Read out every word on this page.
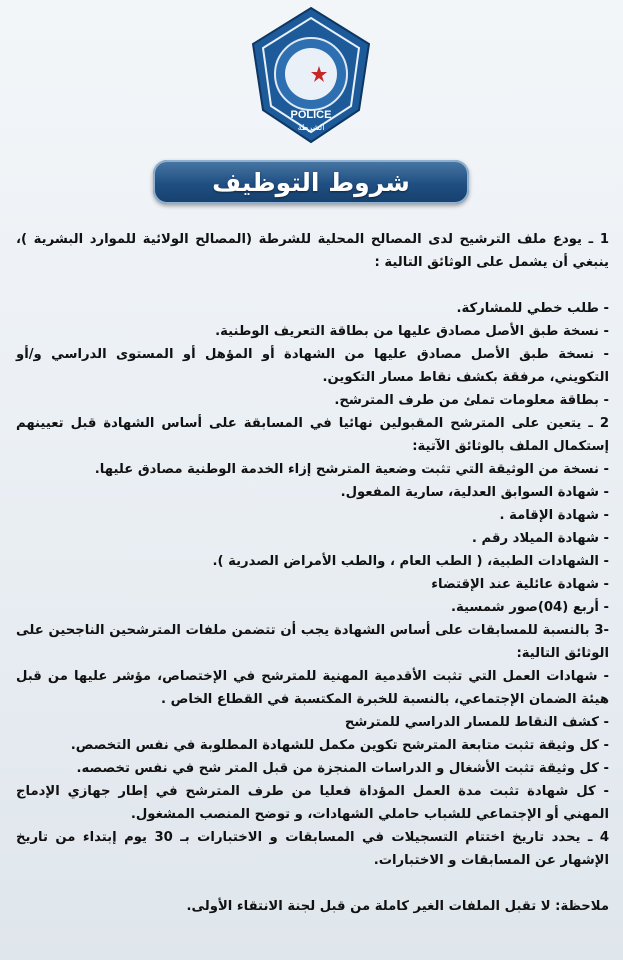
POLICE
الشرطة
شروط التوظيف

1 ـ يودع ملف الترشيح لدى المصالح المحلية للشرطة (المصالح الولائية للموارد البشرية )، ينبغي أن يشمل على الوثائق التالية :

- طلب خطي للمشاركة.

- نسخة طبق الأصل مصادق عليها من بطاقة التعريف الوطنية.

- نسخة طبق الأصل مصادق عليها من الشهادة أو المؤهل أو المستوى الدراسي و/أو التكويني، مرفقة بكشف نقاط مسار التكوين.

- بطاقة معلومات تملئ من طرف المترشح.

2 ـ يتعين على المترشح المقبولين نهائيا في المسابقة على أساس الشهادة قبل تعيينهم إستكمال الملف بالوثائق الآتية:

- نسخة من الوثيقة التي تثبت وضعية المترشح إزاء الخدمة الوطنية مصادق عليها.

- شهادة السوابق العدلية، سارية المفعول.

- شهادة الإقامة .

- شهادة الميلاد رقم .

- الشهادات الطبية، ( الطب العام ، والطب الأمراض الصدرية ).

- شهادة عائلية عند الإقتضاء

- أربع (04)صور شمسية.

-3 بالنسبة للمسابقات على أساس الشهادة يجب أن تتضمن ملفات المترشحين الناجحين على الوثائق التالية:

- شهادات العمل التي تثبت الأقدمية المهنية للمترشح في الإختصاص، مؤشر عليها من قبل هيئة الضمان الإجتماعي، بالنسبة للخبرة المكتسبة في القطاع الخاص .

- كشف النقاط للمسار الدراسي للمترشح

- كل وثيقة تثبت متابعة المترشح تكوين مكمل للشهادة المطلوبة في نفس التخصص.

- كل وثيقة تثبت الأشغال و الدراسات المنجزة من قبل المتر شح في نفس تخصصه.

- كل شهادة تثبت مدة العمل المؤداة فعليا من طرف المترشح في إطار جهازي الإدماج المهني أو الإجتماعي للشباب حاملي الشهادات، و توضح المنصب المشغول.

4 ـ يحدد تاريخ اختتام التسجيلات في المسابقات و الاختبارات بـ 30 يوم إبتداء من تاريخ الإشهار عن المسابقات و الاختبارات.

ملاحظة: لا تقبل الملفات الغير كاملة من قبل لجنة الانتقاء الأولى.
